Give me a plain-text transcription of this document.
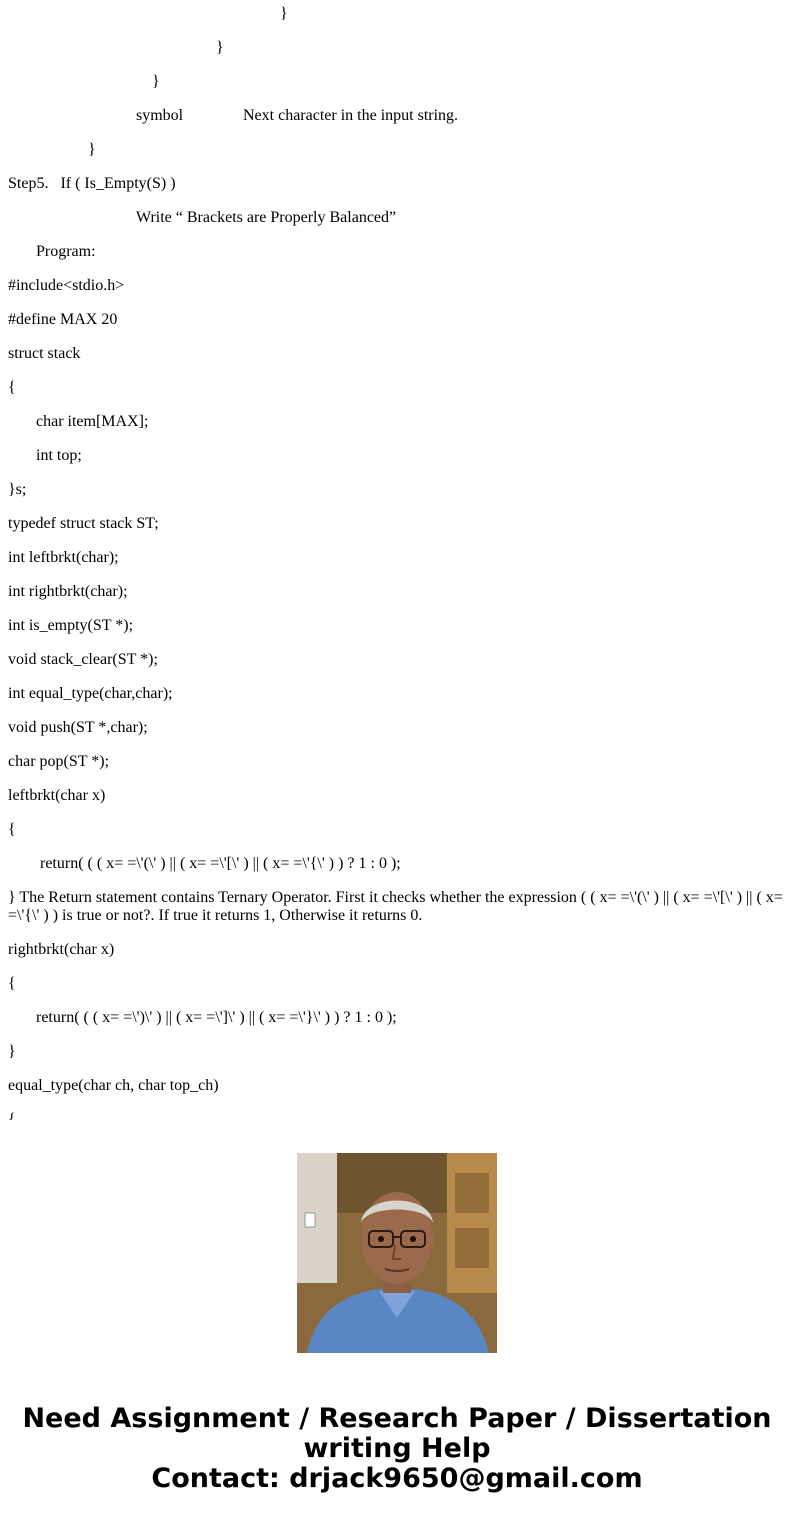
}
}
}
symbol	Next character in the input string.
}
Step5.   If ( Is_Empty(S) )
Write “ Brackets are Properly Balanced”
Program:
#include<stdio.h>
#define MAX 20
struct stack
{
char item[MAX];
int top;
}s;
typedef struct stack ST;
int leftbrkt(char);
int rightbrkt(char);
int is_empty(ST *);
void stack_clear(ST *);
int equal_type(char,char);
void push(ST *,char);
char pop(ST *);
leftbrkt(char x)
{
return( ( ( x= =\'(\' ) || ( x= =\'[\' ) || ( x= =\'{\' ) ) ? 1 : 0 );
} The Return statement contains Ternary Operator. First it checks whether the expression ( ( x= =\'(\' ) || ( x= =\'[\' ) || ( x= =\'{\' ) ) is true or not?. If true it returns 1, Otherwise it returns 0.
rightbrkt(char x)
{
return( ( ( x= =\')\' ) || ( x= =\']\' ) || ( x= =\'}\' ) ) ? 1 : 0 );
}
equal_type(char ch, char top_ch)
Need Assignment / Research Paper / Dissertation
writing Help
Contact: drjack9650@gmail.com
